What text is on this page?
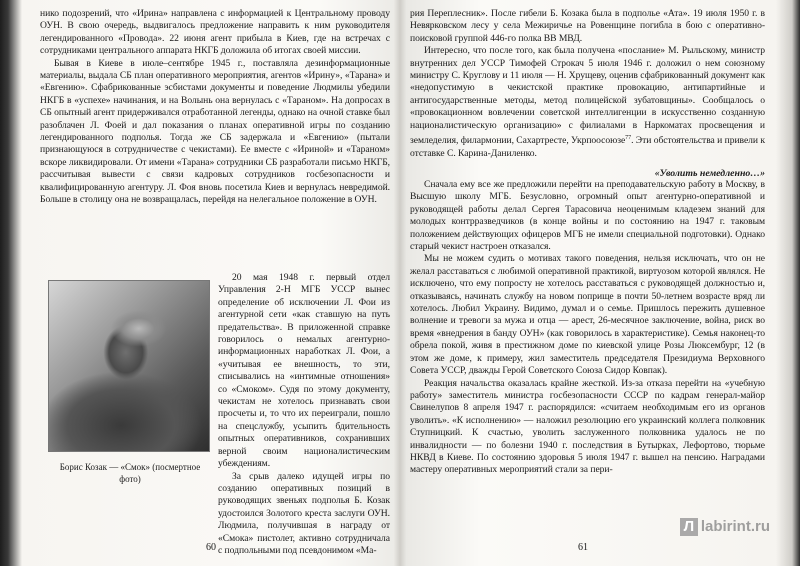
нико подозрений, что «Ирина» направлена с информацией к Центральному проводу ОУН. В свою очередь, выдвигалось предложение направить к ним руководителя легендированного «Провода». 22 июня агент прибыла в Киев, где на встречах с сотрудниками центрального аппарата НКГБ доложила об итогах своей миссии.

Бывая в Киеве в июле–сентябре 1945 г., поставляла дезинформационные материалы, выдала СБ план оперативного мероприятия, агентов «Ирину», «Тарана» и «Евгению». Сфабрикованные эсбистами документы и поведение Людмилы убедили НКГБ в «успехе» начинания, и на Волынь она вернулась с «Тараном». На допросах в СБ опытный агент придерживался отработанной легенды, однако на очной ставке был разоблачен Л. Фоей и дал показания о планах оперативной игры по созданию легендированного подполья. Тогда же СБ задержала и «Евгению» (пытали признающуюся в сотрудничестве с чекистами). Ее вместе с «Ириной» и «Тараном» вскоре ликвидировали. От имени «Тарана» сотрудники СБ разработали письмо НКГБ, рассчитывая вывести с связи кадровых сотрудников госбезопасности и квалифицированную агентуру. Л. Фоя вновь посетила Киев и вернулась невредимой. Больше в столицу она не возвращалась, перейдя на нелегальное положение в ОУН.

Борис Козак — «Смок» (посмертное фото)

20 мая 1948 г. первый отдел Управления 2-Н МГБ УССР вынес определение об исключении Л. Фои из агентурной сети «как ставшую на путь предательства». В приложенной справке говорилось о немалых агентурно-информационных наработках Л. Фои, а «учитывая ее внешность, то эти, списывались на «интимные отношения» со «Смоком». Судя по этому документу, чекистам не хотелось признавать свои просчеты и, то что их переиграли, пошло на спецслужбу, усыпить бдительность опытных оперативников, сохранивших верной своим националистическим убеждениям.

За срыв далеко идущей игры по созданию оперативных позиций в руководящих звеньях подполья Б. Козак удостоился Золотого креста заслуги ОУН. Людмила, получившая в награду от «Смока» пистолет, активно сотрудничала с подпольными под псевдонимом «Ма-

60

рия Переплесник». После гибели Б. Козака была в подполье «Ата». 19 июля 1950 г. в Невярковском лесу у села Межиричье на Ровенщине погибла в бою с оперативно-поисковой группой 446-го полка ВВ МВД.

Интересно, что после того, как была получена «послание» М. Рыльскому, министр внутренних дел УССР Тимофей Строкач 5 июля 1946 г. доложил о нем союзному министру С. Круглову и 11 июля — Н. Хрущеву, оценив сфабрикованный документ как «недопустимую в чекистской практике провокацию, антипартийные и антигосударственные методы, метод полицейской зубатовщины». Сообщалось о «провокационном вовлечении советской интеллигенции в искусственно созданную националистическую организацию» с филиалами в Наркоматах просвещения и земледелия, филармонии, Сахартресте, Укрпоосоюзе$^{77}$. Эти обстоятельства и привели к отставке С. Карина-Даниленко.

«Уволить немедленно…»

Сначала ему все же предложили перейти на преподавательскую работу в Москву, в Высшую школу МГБ. Безусловно, огромный опыт агентурно-оперативной и руководящей работы делал Сергея Тарасовича неоценимым кладезем знаний для молодых контрразведчиков (в конце войны и по состоянию на 1947 г. таковым положением действующих офицеров МГБ не имели специальной подготовки). Однако старый чекист настроен отказался.

Мы не можем судить о мотивах такого поведения, нельзя исключать, что он не желал расставаться с любимой оперативной практикой, виртуозом которой являлся. Не исключено, что ему попросту не хотелось расставаться с руководящей должностью и, отказываясь, начинать службу на новом поприще в почти 50-летнем возрасте вряд ли хотелось. Любил Украину. Видимо, думал и о семье. Пришлось пережить душевное волнение и тревоги за мужа и отца — арест, 26-месячное заключение, война, риск во время «внедрения в банду ОУН» (как говорилось в характеристике). Семья наконец-то обрела покой, живя в престижном доме по киевской улице Розы Люксембург, 12 (в этом же доме, к примеру, жил заместитель председателя Президиума Верховного Совета УССР, дважды Герой Советского Союза Сидор Ковпак).

Реакция начальства оказалась крайне жесткой. Из-за отказа перейти на «учебную работу» заместитель министра госбезопасности СССР по кадрам генерал-майор Свинелупов 8 апреля 1947 г. распорядился: «считаем необходимым его из органов уволить». «К исполнению» — наложил резолюцию его украинский коллега полковник Ступницкий. К счастью, уволить заслуженного полковника удалось не по инвалидности — по болезни 1940 г. последствия в Бутырках, Лефортово, тюрьме НКВД в Киеве. По состоянию здоровья 5 июля 1947 г. вышел на пенсию. Наградами мастеру оперативных мероприятий стали за пери-

61
Л labirint.ru
